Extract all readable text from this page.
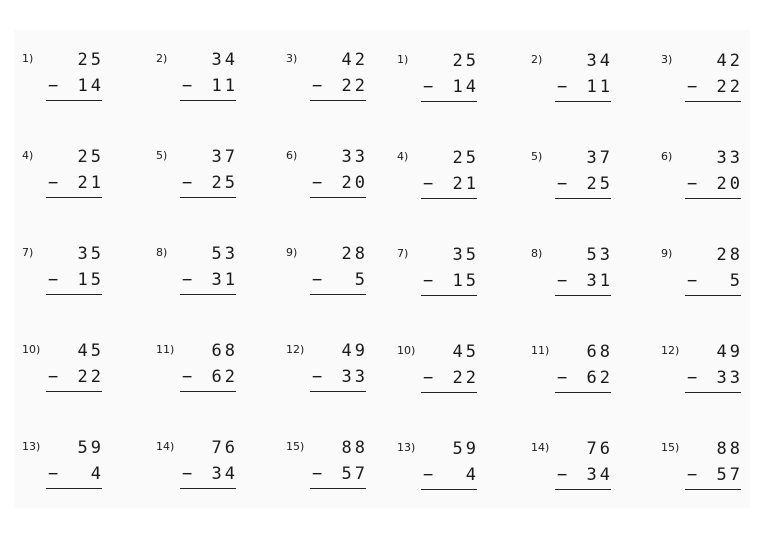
1)	25
−	14
2)	34
−	11
3)	42
−	22
4)	25
−	21
5)	37
−	25
6)	33
−	20
7)	35
−	15
8)	53
−	31
9)	28
−	5
10)	45
−	22
11)	68
−	62
12)	49
−	33
13)	59
−	4
14)	76
−	34
15)	88
−	57
1)	25
−	14
2)	34
−	11
3)	42
−	22
4)	25
−	21
5)	37
−	25
6)	33
−	20
7)	35
−	15
8)	53
−	31
9)	28
−	5
10)	45
−	22
11)	68
−	62
12)	49
−	33
13)	59
−	4
14)	76
−	34
15)	88
−	57
